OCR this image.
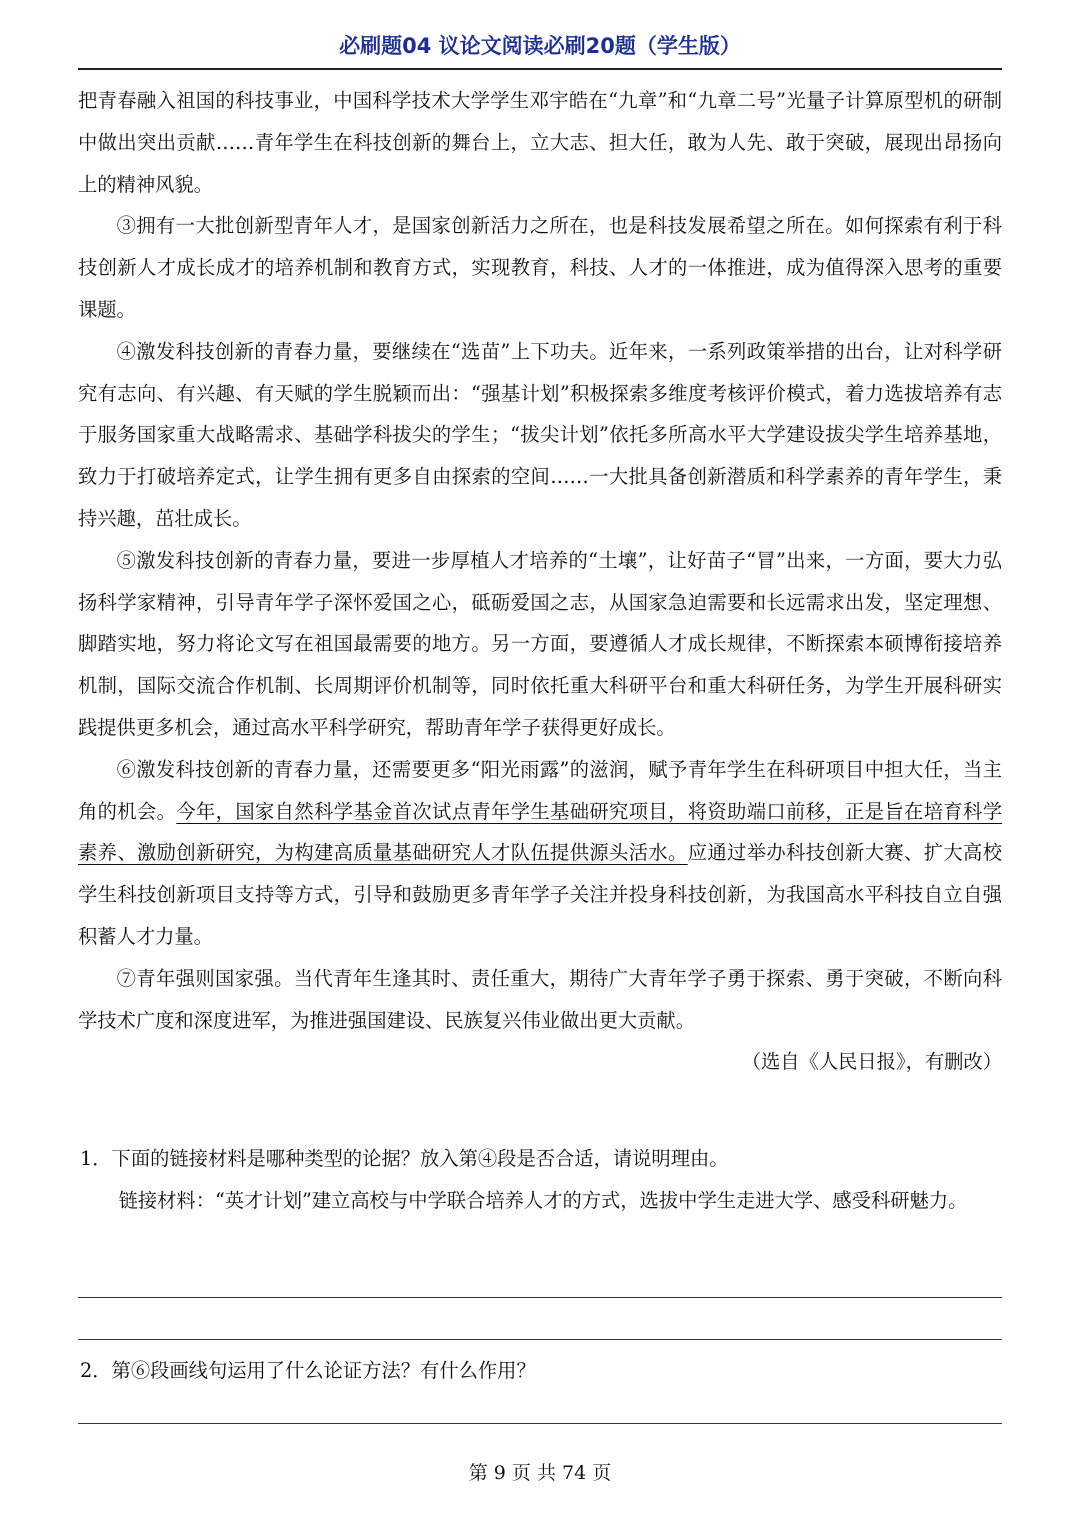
必刷题04 议论文阅读必刷20题（学生版）

把青春融入祖国的科技事业，中国科学技术大学学生邓宇皓在“九章”和“九章二号”光量子计算原型机的研制中做出突出贡献……青年学生在科技创新的舞台上，立大志、担大任，敢为人先、敢于突破，展现出昂扬向上的精神风貌。

③拥有一大批创新型青年人才，是国家创新活力之所在，也是科技发展希望之所在。如何探索有利于科技创新人才成长成才的培养机制和教育方式，实现教育，科技、人才的一体推进，成为值得深入思考的重要课题。

④激发科技创新的青春力量，要继续在“选苗”上下功夫。近年来，一系列政策举措的出台，让对科学研究有志向、有兴趣、有天赋的学生脱颖而出：“强基计划”积极探索多维度考核评价模式，着力选拔培养有志于服务国家重大战略需求、基础学科拔尖的学生；“拔尖计划”依托多所高水平大学建设拔尖学生培养基地，致力于打破培养定式，让学生拥有更多自由探索的空间……一大批具备创新潜质和科学素养的青年学生，秉持兴趣，茁壮成长。

⑤激发科技创新的青春力量，要进一步厚植人才培养的“土壤”，让好苗子“冒”出来，一方面，要大力弘扬科学家精神，引导青年学子深怀爱国之心，砥砺爱国之志，从国家急迫需要和长远需求出发，坚定理想、脚踏实地，努力将论文写在祖国最需要的地方。另一方面，要遵循人才成长规律，不断探索本硕博衔接培养机制，国际交流合作机制、长周期评价机制等，同时依托重大科研平台和重大科研任务，为学生开展科研实践提供更多机会，通过高水平科学研究，帮助青年学子获得更好成长。

⑥激发科技创新的青春力量，还需要更多“阳光雨露”的滋润，赋予青年学生在科研项目中担大任，当主角的机会。今年，国家自然科学基金首次试点青年学生基础研究项目，将资助端口前移，正是旨在培育科学素养、激励创新研究，为构建高质量基础研究人才队伍提供源头活水。应通过举办科技创新大赛、扩大高校学生科技创新项目支持等方式，引导和鼓励更多青年学子关注并投身科技创新，为我国高水平科技自立自强积蓄人才力量。

⑦青年强则国家强。当代青年生逢其时、责任重大，期待广大青年学子勇于探索、勇于突破，不断向科学技术广度和深度进军，为推进强国建设、民族复兴伟业做出更大贡献。

（选自《人民日报》，有删改）

1．下面的链接材料是哪种类型的论据？放入第④段是否合适，请说明理由。
链接材料：“英才计划”建立高校与中学联合培养人才的方式，选拔中学生走进大学、感受科研魅力。
2．第⑥段画线句运用了什么论证方法？有什么作用？
第 9 页 共 74 页
